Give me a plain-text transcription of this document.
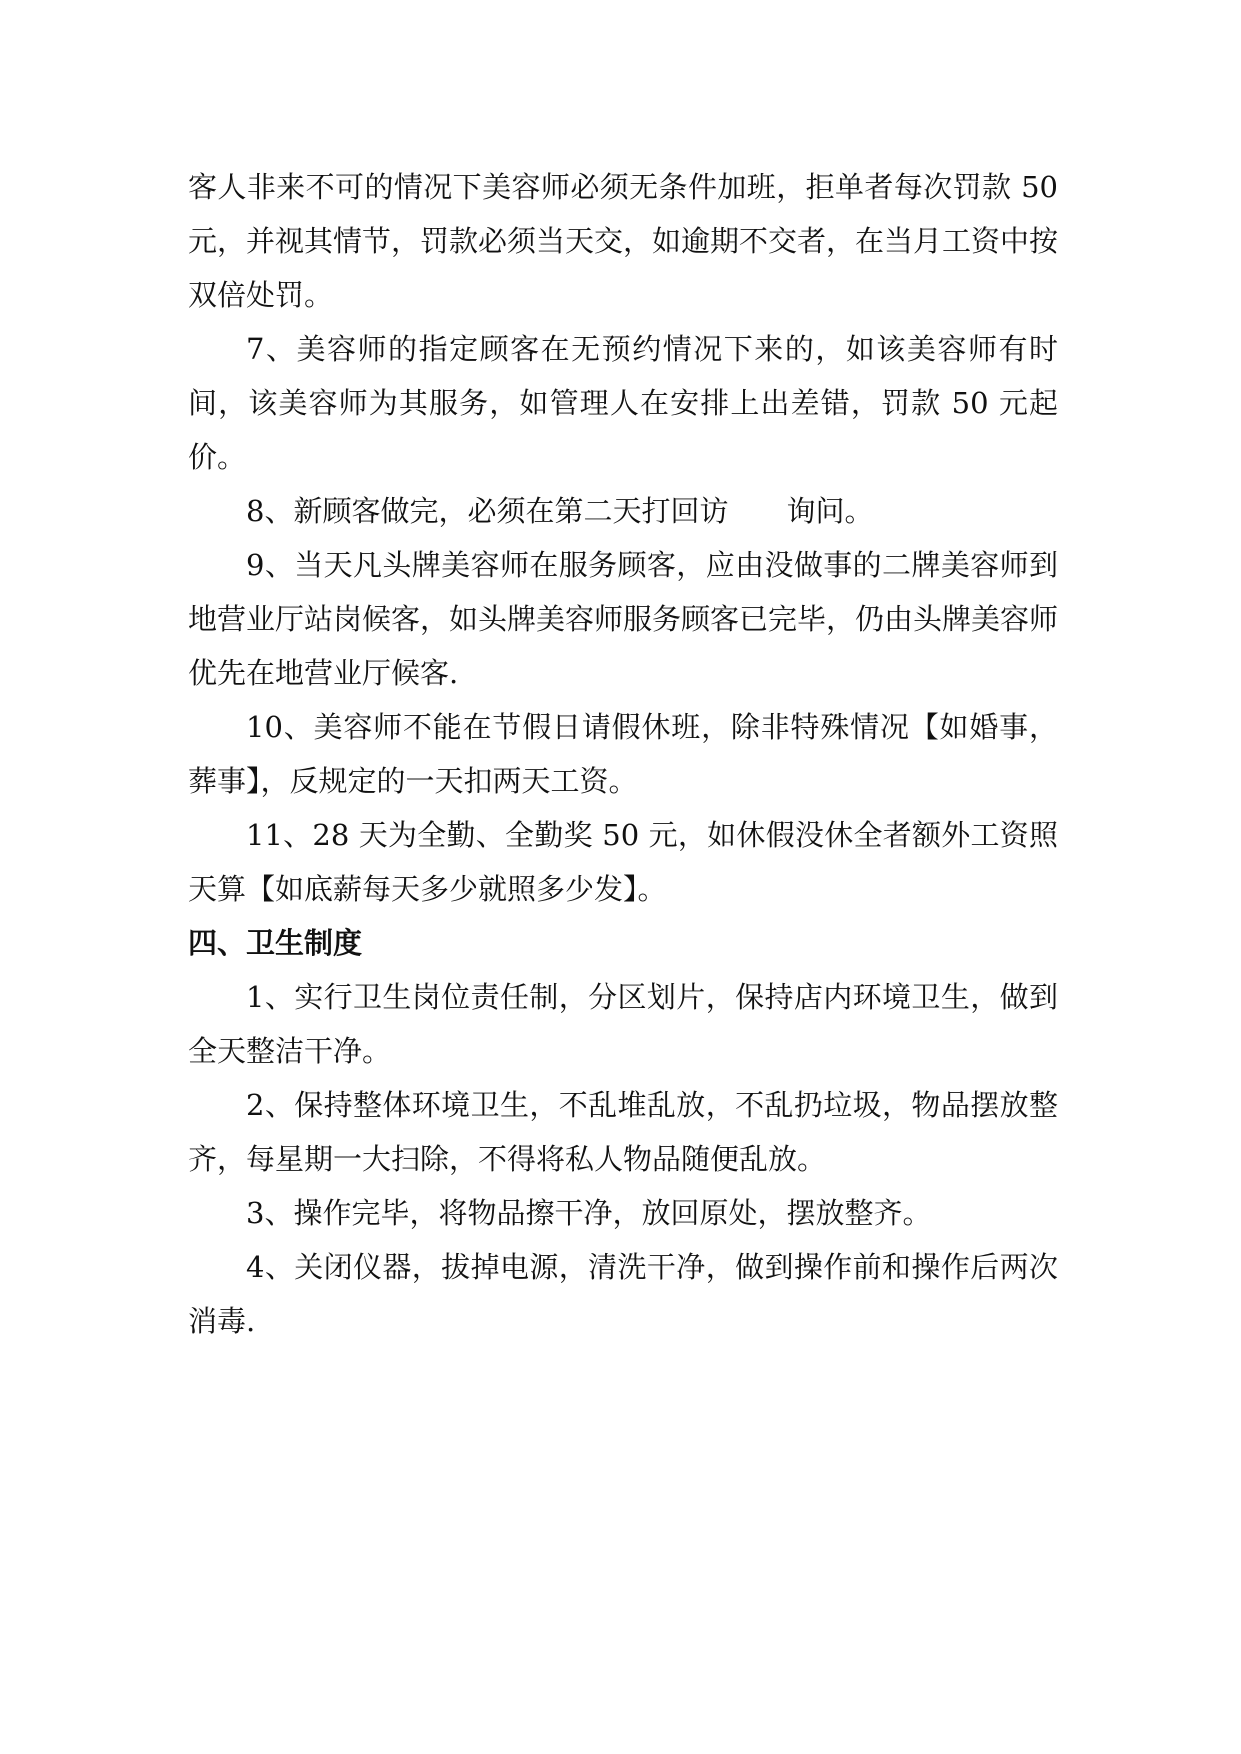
客人非来不可的情况下美容师必须无条件加班，拒单者每次罚款 50 元，并视其情节，罚款必须当天交，如逾期不交者，在当月工资中按双倍处罚。

7、美容师的指定顾客在无预约情况下来的，如该美容师有时间，该美容师为其服务，如管理人在安排上出差错，罚款 50 元起价。

8、新顾客做完，必须在第二天打回访　　询问。

9、当天凡头牌美容师在服务顾客，应由没做事的二牌美容师到地营业厅站岗候客，如头牌美容师服务顾客已完毕，仍由头牌美容师优先在地营业厅候客.

10、美容师不能在节假日请假休班，除非特殊情况【如婚事，葬事】，反规定的一天扣两天工资。

11、28 天为全勤、全勤奖 50 元，如休假没休全者额外工资照天算【如底薪每天多少就照多少发】。

四、卫生制度

1、实行卫生岗位责任制，分区划片，保持店内环境卫生，做到全天整洁干净。

2、保持整体环境卫生，不乱堆乱放，不乱扔垃圾，物品摆放整齐，每星期一大扫除，不得将私人物品随便乱放。

3、操作完毕，将物品擦干净，放回原处，摆放整齐。

4、关闭仪器，拔掉电源，清洗干净，做到操作前和操作后两次消毒.
